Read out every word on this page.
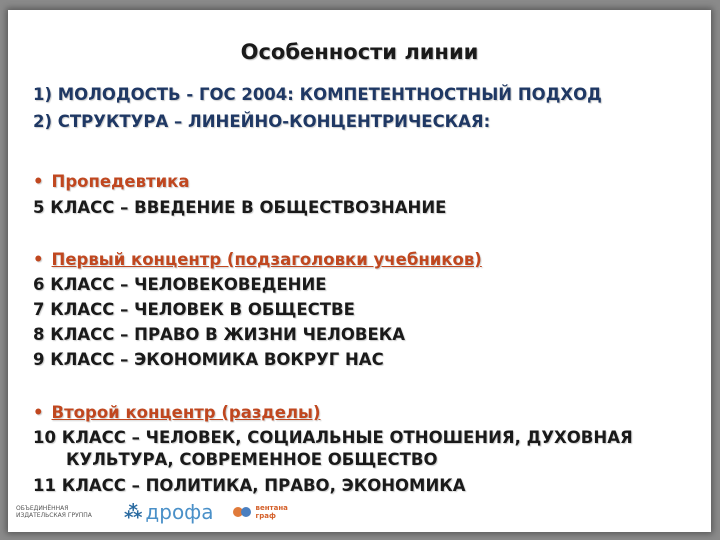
Особенности линии
1) МОЛОДОСТЬ - ГОС 2004: КОМПЕТЕНТНОСТНЫЙ ПОДХОД
2) СТРУКТУРА – ЛИНЕЙНО-КОНЦЕНТРИЧЕСКАЯ:
• Пропедевтика
5 КЛАСС – ВВЕДЕНИЕ В ОБЩЕСТВОЗНАНИЕ
• Первый концентр (подзаголовки учебников)
6 КЛАСС – ЧЕЛОВЕКОВЕДЕНИЕ
7 КЛАСС – ЧЕЛОВЕК В ОБЩЕСТВЕ
8 КЛАСС – ПРАВО В ЖИЗНИ ЧЕЛОВЕКА
9 КЛАСС – ЭКОНОМИКА ВОКРУГ НАС
• Второй концентр (разделы)
10 КЛАСС – ЧЕЛОВЕК, СОЦИАЛЬНЫЕ ОТНОШЕНИЯ, ДУХОВНАЯ
КУЛЬТУРА, СОВРЕМЕННОЕ ОБЩЕСТВО
11 КЛАСС – ПОЛИТИКА, ПРАВО, ЭКОНОМИКА
ОБЪЕДИНЁННАЯ ИЗДАТЕЛЬСКАЯ ГРУППА	⁂ дрофа	вентана
граф
